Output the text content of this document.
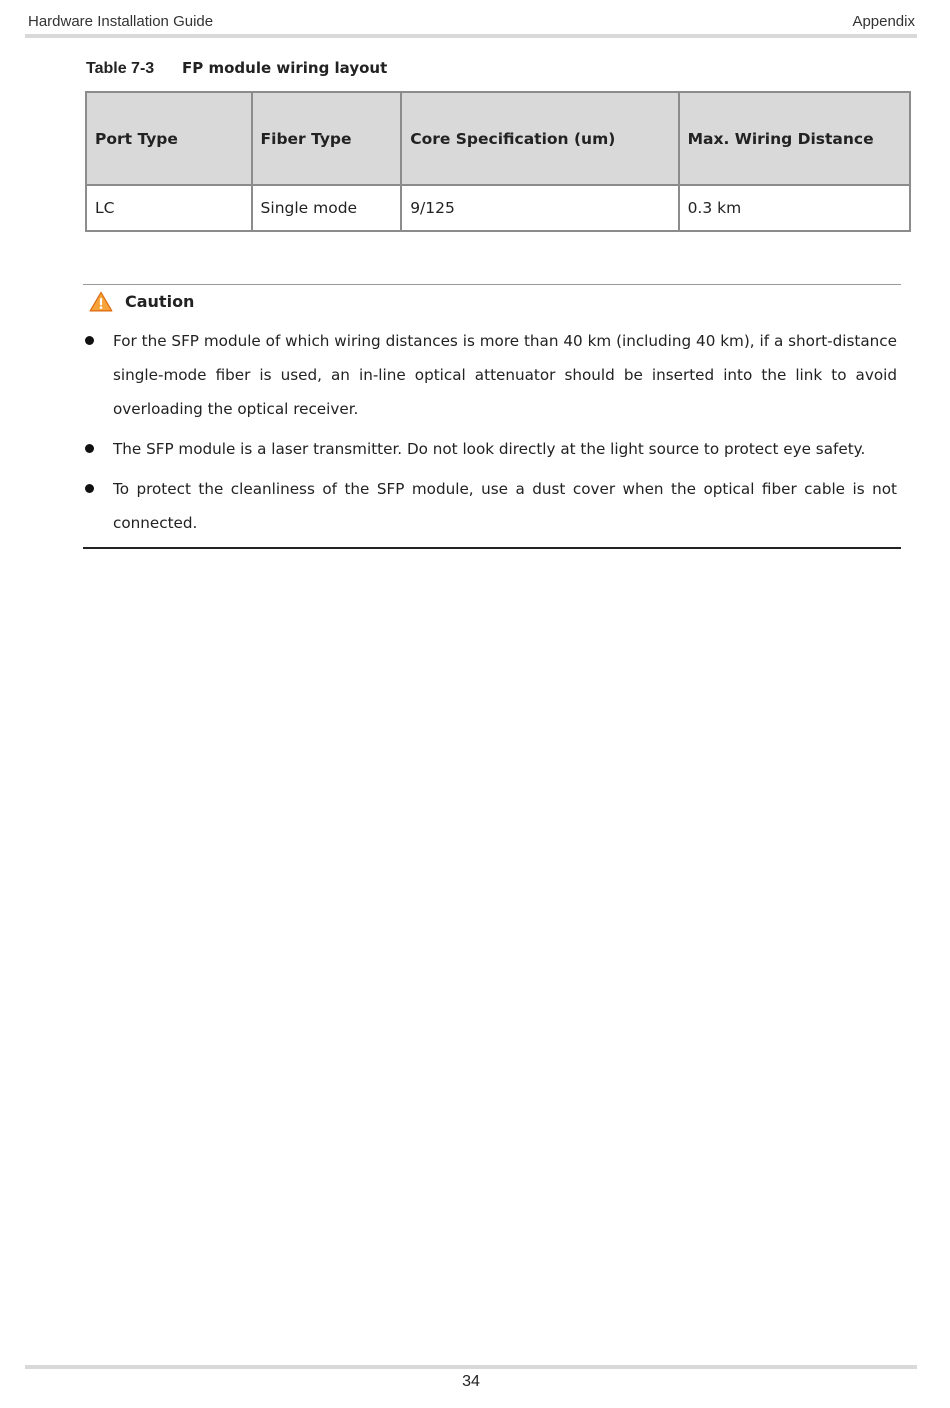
Hardware Installation Guide	Appendix
Table 7-3 FP module wiring layout
Port Type	Fiber Type	Core Specification (um)	Max. Wiring Distance
LC	Single mode	9/125	0.3 km
Caution
For the SFP module of which wiring distances is more than 40 km (including 40 km), if a short-distance single-mode fiber is used, an in-line optical attenuator should be inserted into the link to avoid overloading the optical receiver.
The SFP module is a laser transmitter. Do not look directly at the light source to protect eye safety.
To protect the cleanliness of the SFP module, use a dust cover when the optical fiber cable is not connected.
34
